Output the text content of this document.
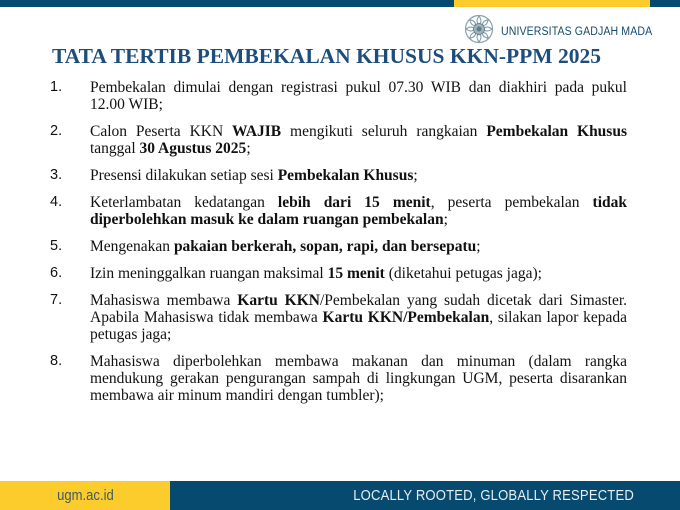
UNIVERSITAS GADJAH MADA
TATA TERTIB PEMBEKALAN KHUSUS KKN-PPM 2025
1.	Pembekalan dimulai dengan registrasi pukul 07.30 WIB dan diakhiri pada pukul 12.00 WIB;
2.	Calon Peserta KKN WAJIB mengikuti seluruh rangkaian Pembekalan Khusus tanggal 30 Agustus 2025;
3.	Presensi dilakukan setiap sesi Pembekalan Khusus;
4.	Keterlambatan kedatangan lebih dari 15 menit, peserta pembekalan tidak diperbolehkan masuk ke dalam ruangan pembekalan;
5.	Mengenakan pakaian berkerah, sopan, rapi, dan bersepatu;
6.	Izin meninggalkan ruangan maksimal 15 menit (diketahui petugas jaga);
7.	Mahasiswa membawa Kartu KKN/Pembekalan yang sudah dicetak dari Simaster. Apabila Mahasiswa tidak membawa Kartu KKN/Pembekalan, silakan lapor kepada petugas jaga;
8.	Mahasiswa diperbolehkan membawa makanan dan minuman (dalam rangka mendukung gerakan pengurangan sampah di lingkungan UGM, peserta disarankan membawa air minum mandiri dengan tumbler);
ugm.ac.id	LOCALLY ROOTED, GLOBALLY RESPECTED
